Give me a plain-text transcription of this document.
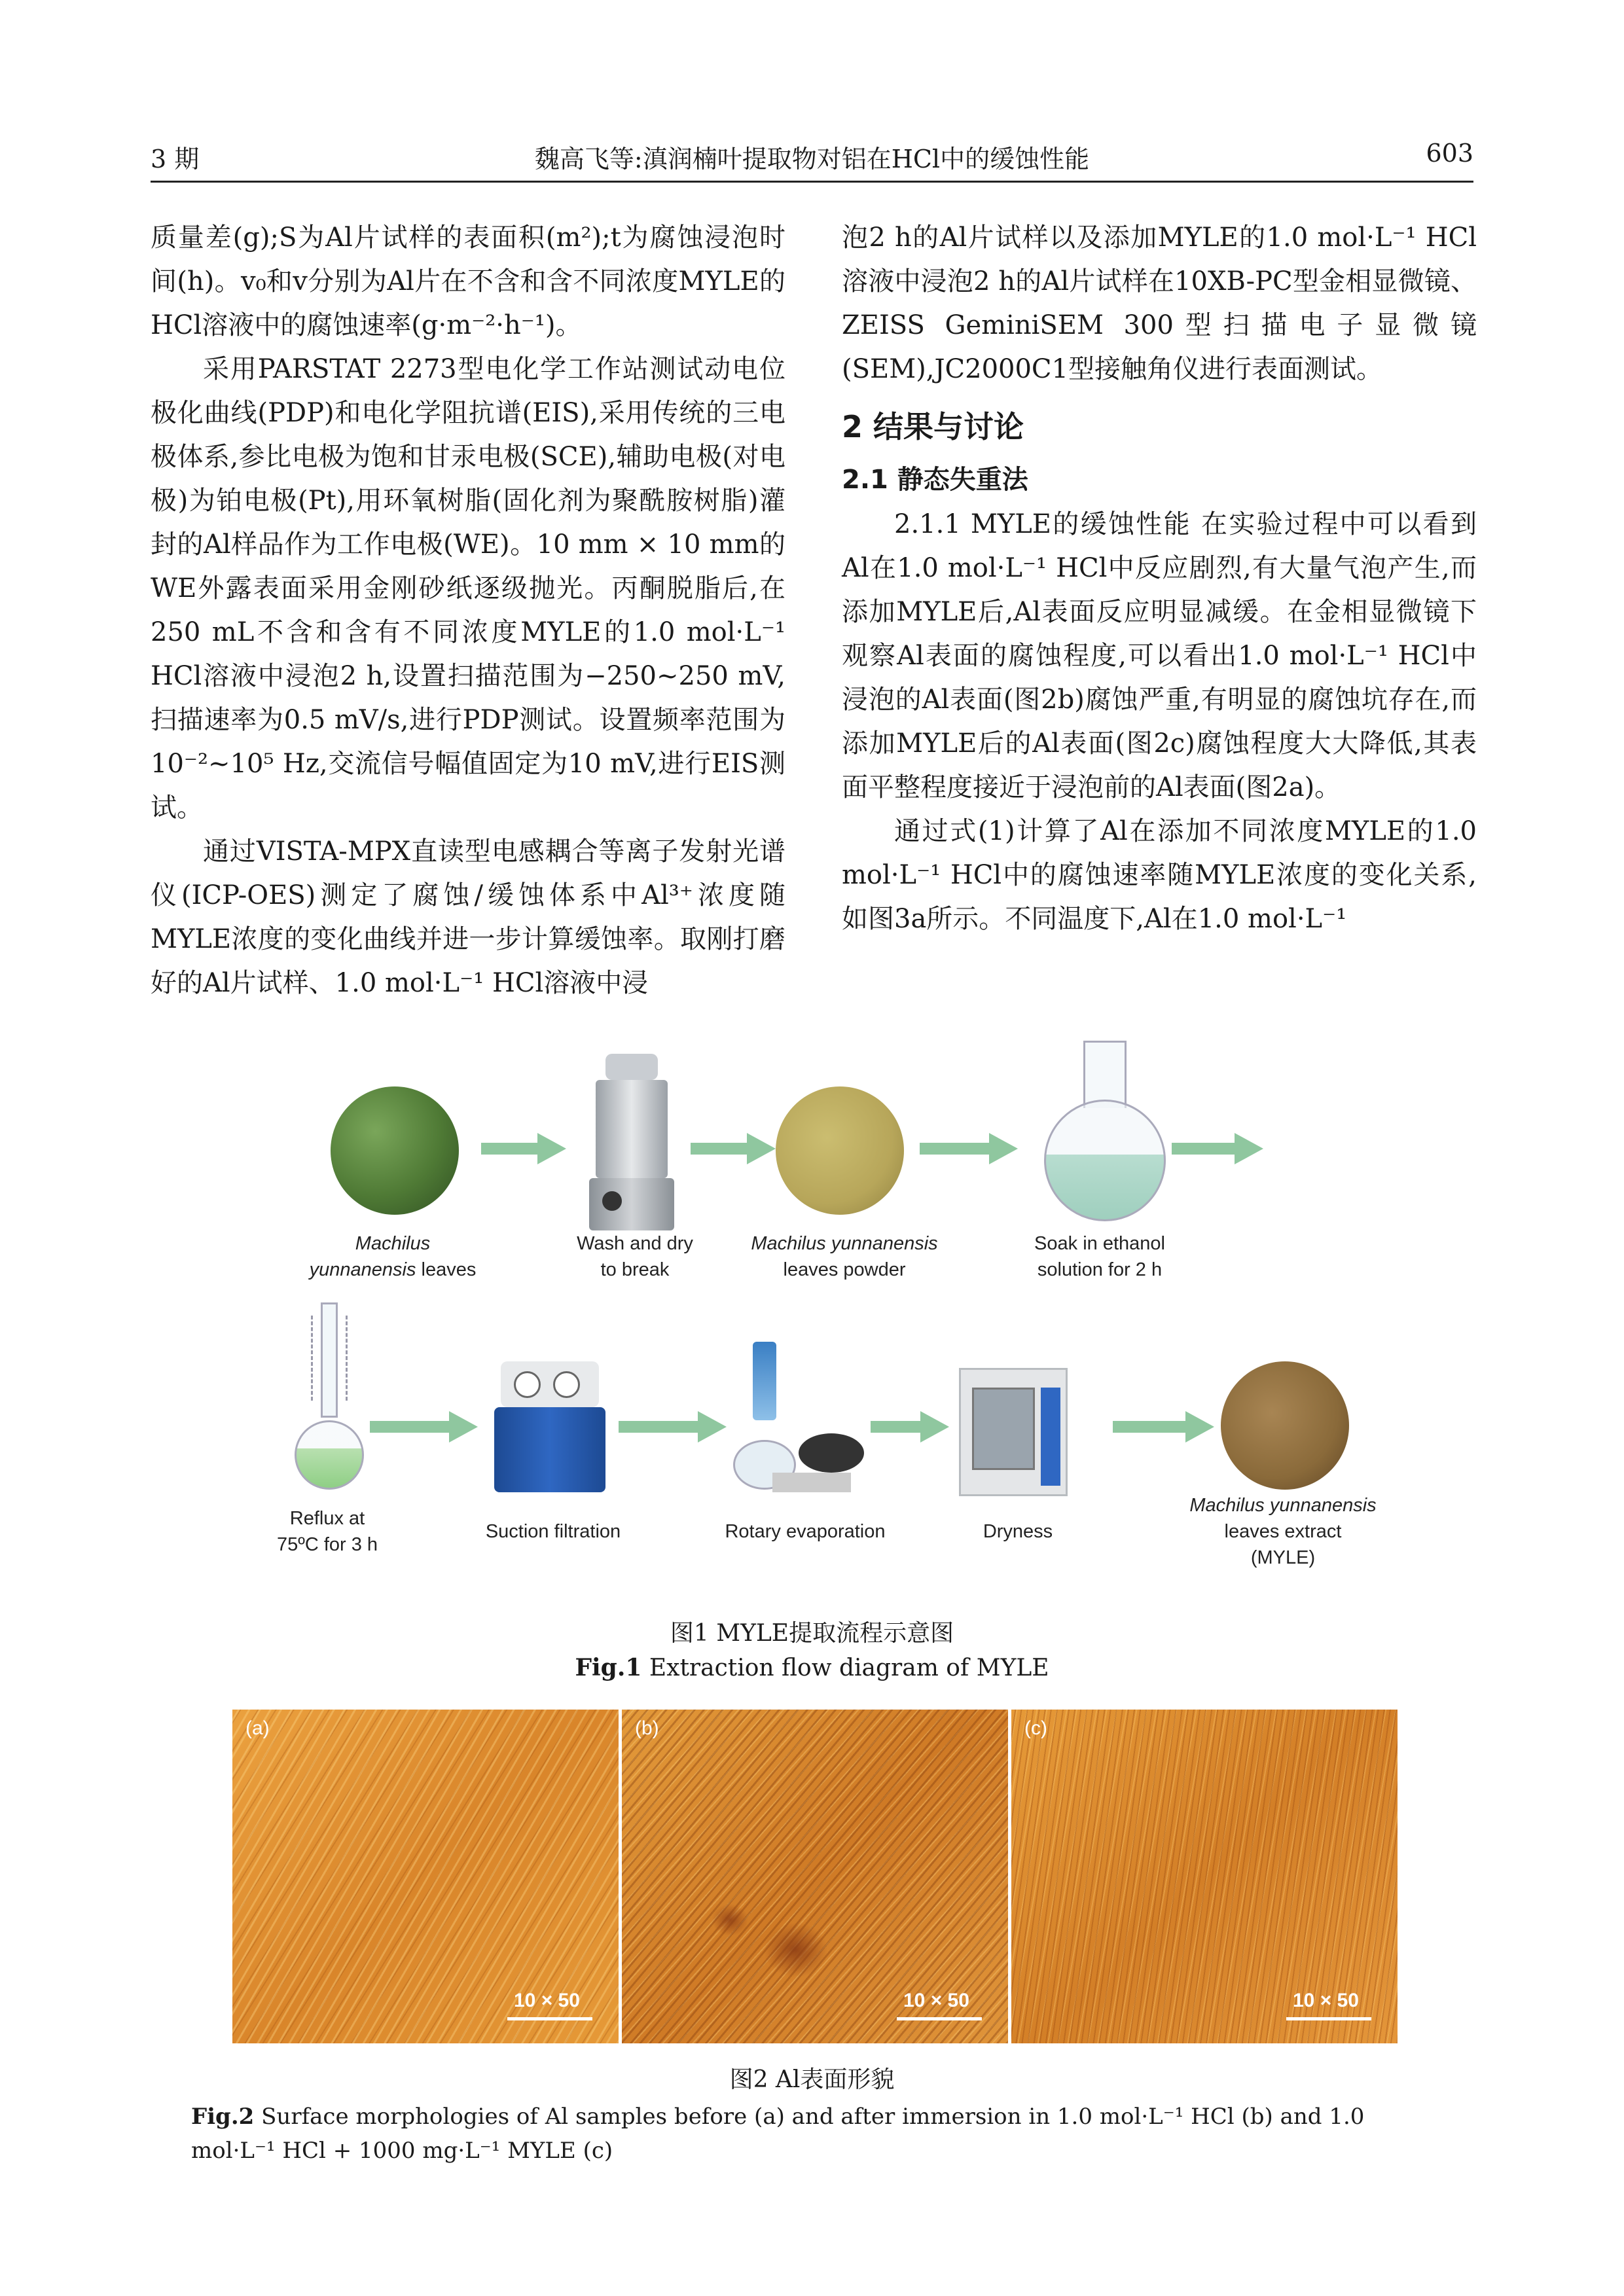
3 期	魏高飞等:滇润楠叶提取物对铝在HCl中的缓蚀性能	603

质量差(g);S为Al片试样的表面积(m²);t为腐蚀浸泡时间(h)。v₀和v分别为Al片在不含和含不同浓度MYLE的HCl溶液中的腐蚀速率(g·m⁻²·h⁻¹)。

采用PARSTAT 2273型电化学工作站测试动电位极化曲线(PDP)和电化学阻抗谱(EIS),采用传统的三电极体系,参比电极为饱和甘汞电极(SCE),辅助电极(对电极)为铂电极(Pt),用环氧树脂(固化剂为聚酰胺树脂)灌封的Al样品作为工作电极(WE)。10 mm × 10 mm的WE外露表面采用金刚砂纸逐级抛光。丙酮脱脂后,在250 mL不含和含有不同浓度MYLE的1.0 mol·L⁻¹ HCl溶液中浸泡2 h,设置扫描范围为−250~250 mV,扫描速率为0.5 mV/s,进行PDP测试。设置频率范围为10⁻²~10⁵ Hz,交流信号幅值固定为10 mV,进行EIS测试。

通过VISTA-MPX直读型电感耦合等离子发射光谱仪(ICP-OES)测定了腐蚀/缓蚀体系中Al³⁺浓度随MYLE浓度的变化曲线并进一步计算缓蚀率。取刚打磨好的Al片试样、1.0 mol·L⁻¹ HCl溶液中浸

泡2 h的Al片试样以及添加MYLE的1.0 mol·L⁻¹ HCl溶液中浸泡2 h的Al片试样在10XB-PC型金相显微镜、ZEISS GeminiSEM 300型扫描电子显微镜(SEM),JC2000C1型接触角仪进行表面测试。

2 结果与讨论

2.1 静态失重法

2.1.1 MYLE的缓蚀性能 在实验过程中可以看到Al在1.0 mol·L⁻¹ HCl中反应剧烈,有大量气泡产生,而添加MYLE后,Al表面反应明显减缓。在金相显微镜下观察Al表面的腐蚀程度,可以看出1.0 mol·L⁻¹ HCl中浸泡的Al表面(图2b)腐蚀严重,有明显的腐蚀坑存在,而添加MYLE后的Al表面(图2c)腐蚀程度大大降低,其表面平整程度接近于浸泡前的Al表面(图2a)。

通过式(1)计算了Al在添加不同浓度MYLE的1.0 mol·L⁻¹ HCl中的腐蚀速率随MYLE浓度的变化关系,如图3a所示。不同温度下,Al在1.0 mol·L⁻¹

Machilus
yunnanensis leaves
Wash and dry
to break
Machilus yunnanensis
leaves powder
Soak in ethanol
solution for 2 h
Reflux at
75ºC for 3 h
Suction filtration	Rotary evaporation	Dryness
Machilus yunnanensis
leaves extract
(MYLE)
图1 MYLE提取流程示意图
Fig.1 Extraction flow diagram of MYLE
(a)
10 × 50
(b)
10 × 50
(c)
10 × 50
图2 Al表面形貌
Fig.2 Surface morphologies of Al samples before (a) and after immersion in 1.0 mol·L⁻¹ HCl (b) and 1.0 mol·L⁻¹ HCl + 1000 mg·L⁻¹ MYLE (c)
